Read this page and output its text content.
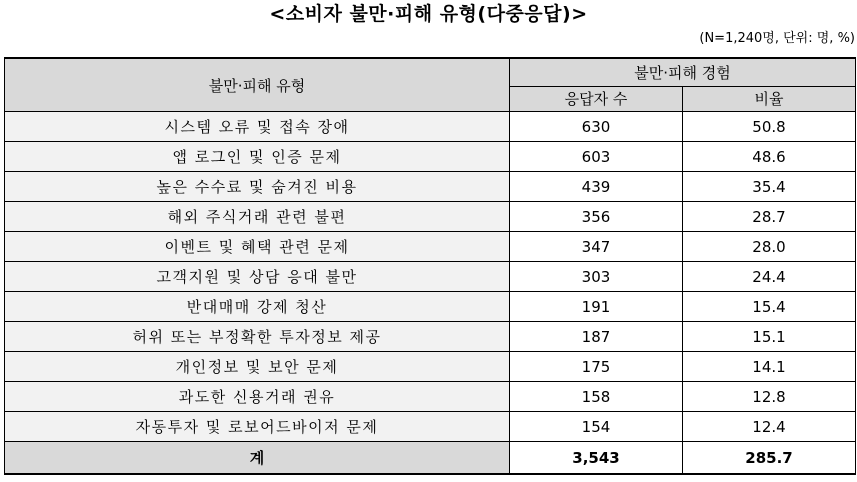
<소비자 불만·피해 유형(다중응답)>
(N=1,240명, 단위: 명, %)
불만·피해 유형	불만·피해 경험	
	응답자 수	비율
시스템 오류 및 접속 장애	630	50.8
앱 로그인 및 인증 문제	603	48.6
높은 수수료 및 숨겨진 비용	439	35.4
해외 주식거래 관련 불편	356	28.7
이벤트 및 혜택 관련 문제	347	28.0
고객지원 및 상담 응대 불만	303	24.4
반대매매 강제 청산	191	15.4
허위 또는 부정확한 투자정보 제공	187	15.1
개인정보 및 보안 문제	175	14.1
과도한 신용거래 권유	158	12.8
자동투자 및 로보어드바이저 문제	154	12.4
계	3,543	285.7
